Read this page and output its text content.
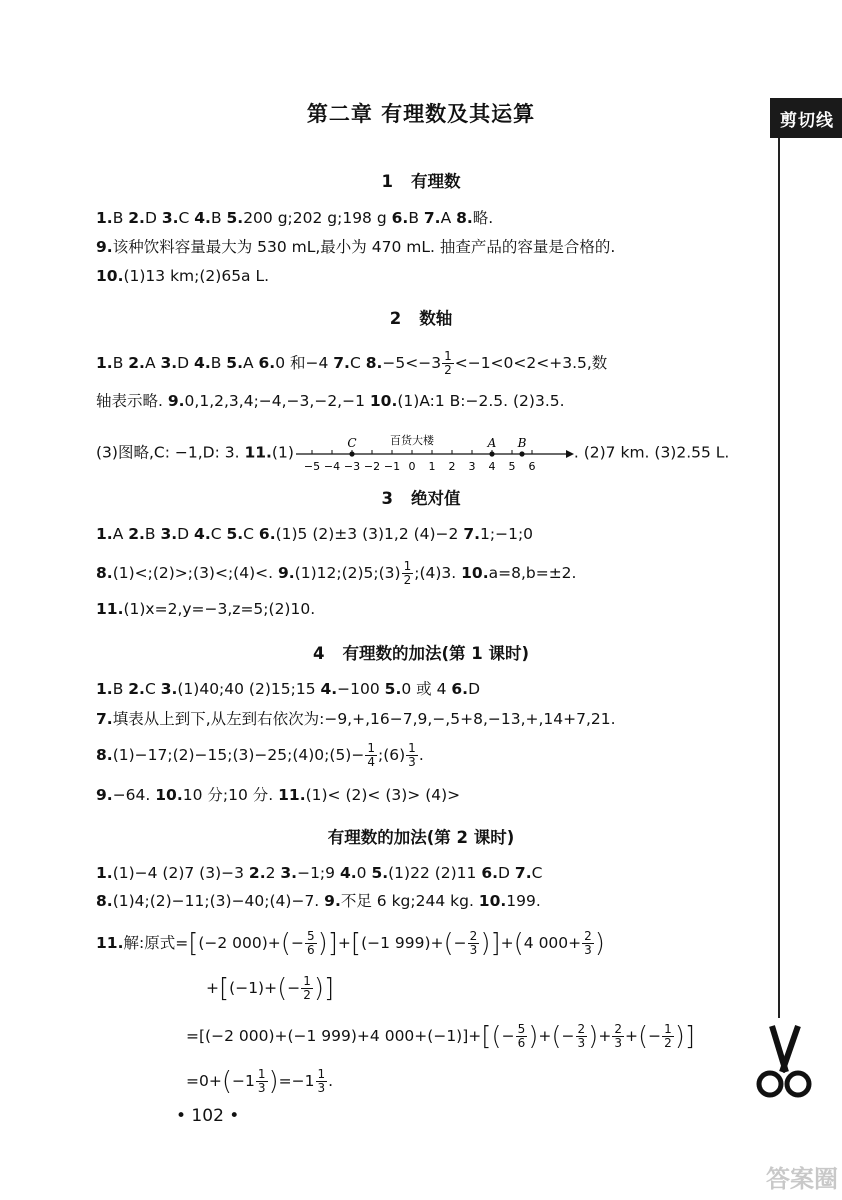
剪切线
第二章 有理数及其运算
1 有理数
1.B 2.D 3.C 4.B 5.200 g;202 g;198 g 6.B 7.A 8.略.
9.该种饮料容量最大为 530 mL,最小为 470 mL. 抽查产品的容量是合格的.
10.(1)13 km;(2)65a L.
2 数轴
1.B 2.A 3.D 4.B 5.A 6.0 和−4 7.C $8.-5<-3 \frac{1}{2} <-1<0<2<+3.5$,数
轴表示略. 9.0,1,2,3,4;−4,−3,−2,−1 10.(1)A:1 B:−2.5. (2)3.5.
(3)图略,C: −1,D: 3. 11.(1)
−5 −4 −3 −2 −1 0 1 2 3 4 5 6
C	A B
百货大楼
. (2)7 km. (3)2.55 L.
3 绝对值
1.A 2.B 3.D 4.C 5.C 6.(1)5 (2)±3 (3)1,2 (4)−2 7.1;−1;0
8.(1)<;(2)>;(3)<;(4)<. 9.(1)12;(2)5;(3) $\frac{1}{2}$ ;(4)3. 10.a=8,b=±2.
11.(1)x=2,y=−3,z=5;(2)10.
4 有理数的加法(第 1 课时)
1.B 2.C 3.(1)40;40 (2)15;15 4.−100 5.0 或 4 6.D
7.填表从上到下,从左到右依次为:−9,+,16−7,9,−,5+8,−13,+,14+7,21.
8.(1)−17;(2)−15;(3)−25;(4)0;(5)− $\frac{1}{4}$ ;(6) $\frac{1}{3}$ .
9.−64. 10.10 分;10 分. 11.(1)< (2)< (3)> (4)>
有理数的加法(第 2 课时)
1.(1)−4 (2)7 (3)−3 2.2 3.−1;9 4.0 5.(1)22 (2)11 6.D 7.C
8.(1)4;(2)−11;(3)−40;(4)−7. 9.不足 6 kg;244 kg. 10.199.
11.解:原式=[(−2 $000)+(- \frac{5}{6} )]+[(-1$ $999)+(- \frac{2}{3} )]+(4$ $000+ \frac{2}{3}$ )
$+[(-1)+(- \frac{1}{2}$ )]
=[(−2 000)+(−1 999)+4 $000+(-1)]+[(- \frac{5}{6}$ )+(− $\frac{2}{3}$ )+ $\frac{2}{3}$ +(− $\frac{1}{2}$ )]
$=0+(-1 \frac{1}{3} )=-1 \frac{1}{3}$ .
• 102 •
答案圈
